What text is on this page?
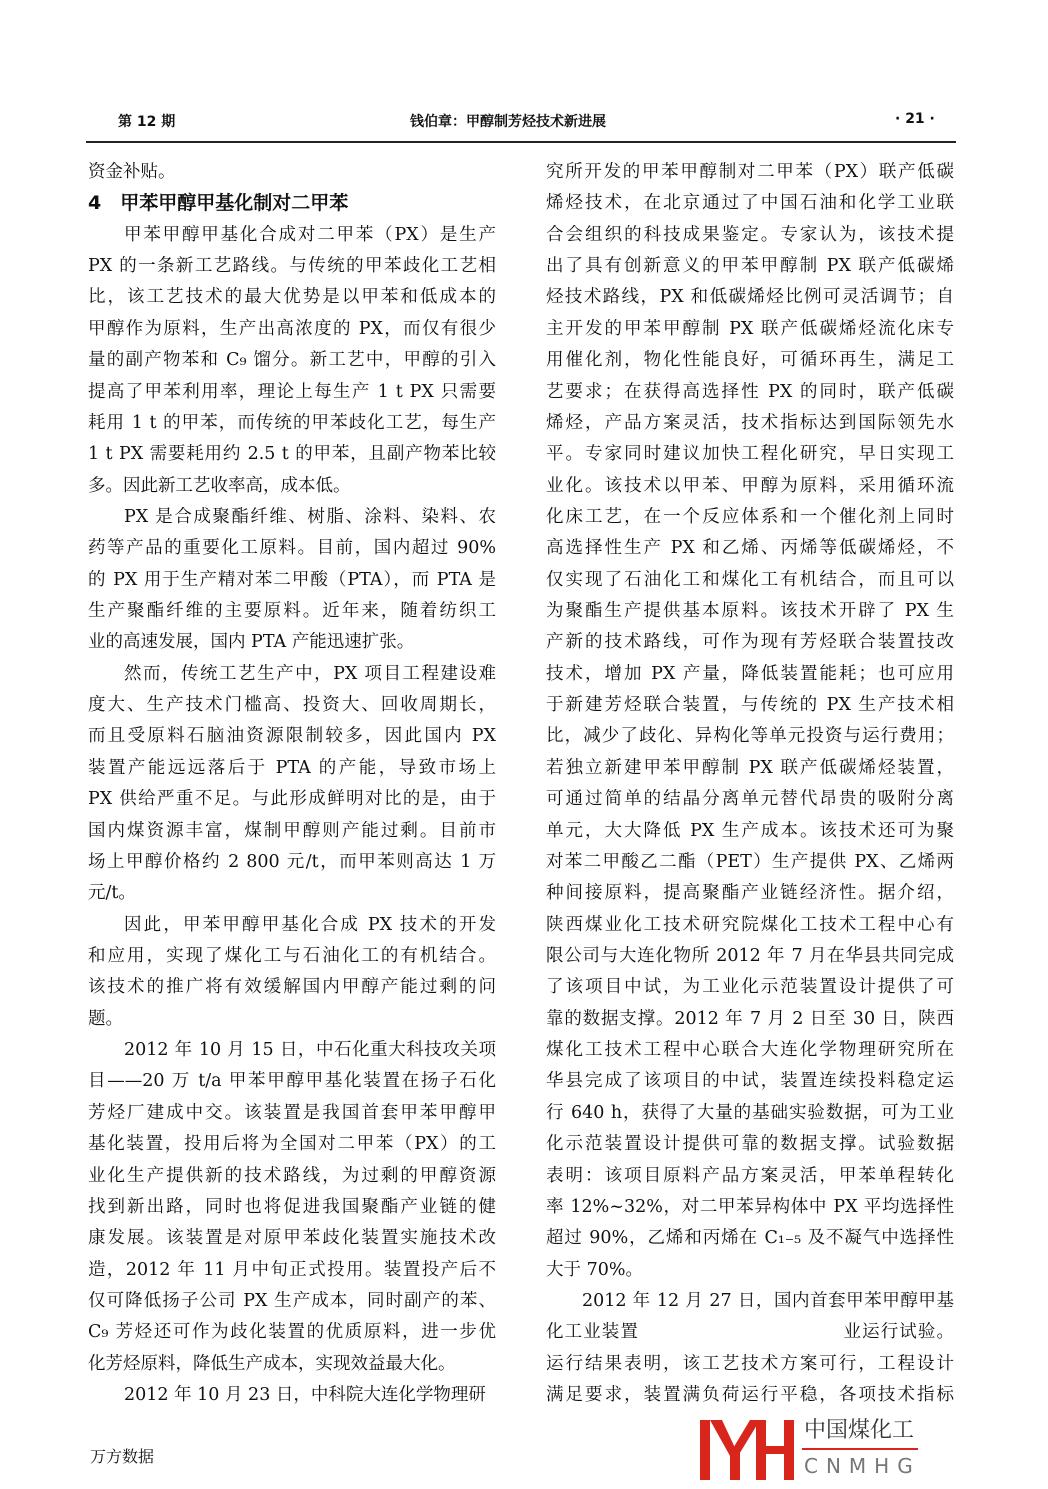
第 12 期	钱伯章：甲醇制芳烃技术新进展	· 21 ·
资金补贴。
4　甲苯甲醇甲基化制对二甲苯
甲苯甲醇甲基化合成对二甲苯（PX）是生产
PX 的一条新工艺路线。与传统的甲苯歧化工艺相
比，该工艺技术的最大优势是以甲苯和低成本的
甲醇作为原料，生产出高浓度的 PX，而仅有很少
量的副产物苯和 C₉ 馏分。新工艺中，甲醇的引入
提高了甲苯利用率，理论上每生产 1 t PX 只需要
耗用 1 t 的甲苯，而传统的甲苯歧化工艺，每生产
1 t PX 需要耗用约 2.5 t 的甲苯，且副产物苯比较
多。因此新工艺收率高，成本低。
PX 是合成聚酯纤维、树脂、涂料、染料、农
药等产品的重要化工原料。目前，国内超过 90%
的 PX 用于生产精对苯二甲酸（PTA），而 PTA 是
生产聚酯纤维的主要原料。近年来，随着纺织工
业的高速发展，国内 PTA 产能迅速扩张。
然而，传统工艺生产中，PX 项目工程建设难
度大、生产技术门槛高、投资大、回收周期长，
而且受原料石脑油资源限制较多，因此国内 PX
装置产能远远落后于 PTA 的产能，导致市场上
PX 供给严重不足。与此形成鲜明对比的是，由于
国内煤资源丰富，煤制甲醇则产能过剩。目前市
场上甲醇价格约 2 800 元/t，而甲苯则高达 1 万
元/t。
因此，甲苯甲醇甲基化合成 PX 技术的开发
和应用，实现了煤化工与石油化工的有机结合。
该技术的推广将有效缓解国内甲醇产能过剩的问
题。
2012 年 10 月 15 日，中石化重大科技攻关项
目——20 万 t/a 甲苯甲醇甲基化装置在扬子石化
芳烃厂建成中交。该装置是我国首套甲苯甲醇甲
基化装置，投用后将为全国对二甲苯（PX）的工
业化生产提供新的技术路线，为过剩的甲醇资源
找到新出路，同时也将促进我国聚酯产业链的健
康发展。该装置是对原甲苯歧化装置实施技术改
造，2012 年 11 月中旬正式投用。装置投产后不
仅可降低扬子公司 PX 生产成本，同时副产的苯、
C₉ 芳烃还可作为歧化装置的优质原料，进一步优
化芳烃原料，降低生产成本，实现效益最大化。
2012 年 10 月 23 日，中科院大连化学物理研
究所开发的甲苯甲醇制对二甲苯（PX）联产低碳
烯烃技术，在北京通过了中国石油和化学工业联
合会组织的科技成果鉴定。专家认为，该技术提
出了具有创新意义的甲苯甲醇制 PX 联产低碳烯
烃技术路线，PX 和低碳烯烃比例可灵活调节；自
主开发的甲苯甲醇制 PX 联产低碳烯烃流化床专
用催化剂，物化性能良好，可循环再生，满足工
艺要求；在获得高选择性 PX 的同时，联产低碳
烯烃，产品方案灵活，技术指标达到国际领先水
平。专家同时建议加快工程化研究，早日实现工
业化。该技术以甲苯、甲醇为原料，采用循环流
化床工艺，在一个反应体系和一个催化剂上同时
高选择性生产 PX 和乙烯、丙烯等低碳烯烃，不
仅实现了石油化工和煤化工有机结合，而且可以
为聚酯生产提供基本原料。该技术开辟了 PX 生
产新的技术路线，可作为现有芳烃联合装置技改
技术，增加 PX 产量，降低装置能耗；也可应用
于新建芳烃联合装置，与传统的 PX 生产技术相
比，减少了歧化、异构化等单元投资与运行费用；
若独立新建甲苯甲醇制 PX 联产低碳烯烃装置，
可通过简单的结晶分离单元替代昂贵的吸附分离
单元，大大降低 PX 生产成本。该技术还可为聚
对苯二甲酸乙二酯（PET）生产提供 PX、乙烯两
种间接原料，提高聚酯产业链经济性。据介绍，
陕西煤业化工技术研究院煤化工技术工程中心有
限公司与大连化物所 2012 年 7 月在华县共同完成
了该项目中试，为工业化示范装置设计提供了可
靠的数据支撑。2012 年 7 月 2 日至 30 日，陕西
煤化工技术工程中心联合大连化学物理研究所在
华县完成了该项目的中试，装置连续投料稳定运
行 640 h，获得了大量的基础实验数据，可为工业
化示范装置设计提供可靠的数据支撑。试验数据
表明：该项目原料产品方案灵活，甲苯单程转化
率 12%~32%，对二甲苯异构体中 PX 平均选择性
超过 90%，乙烯和丙烯在 C₁₋₅ 及不凝气中选择性
大于 70%。
2012 年 12 月 27 日，国内首套甲苯甲醇甲基
化工业装置　　　　　　　　　　　业运行试验。
运行结果表明，该工艺技术方案可行，工程设计
满足要求，装置满负荷运行平稳，各项技术指标
中国煤化工
CNMHG
万方数据
